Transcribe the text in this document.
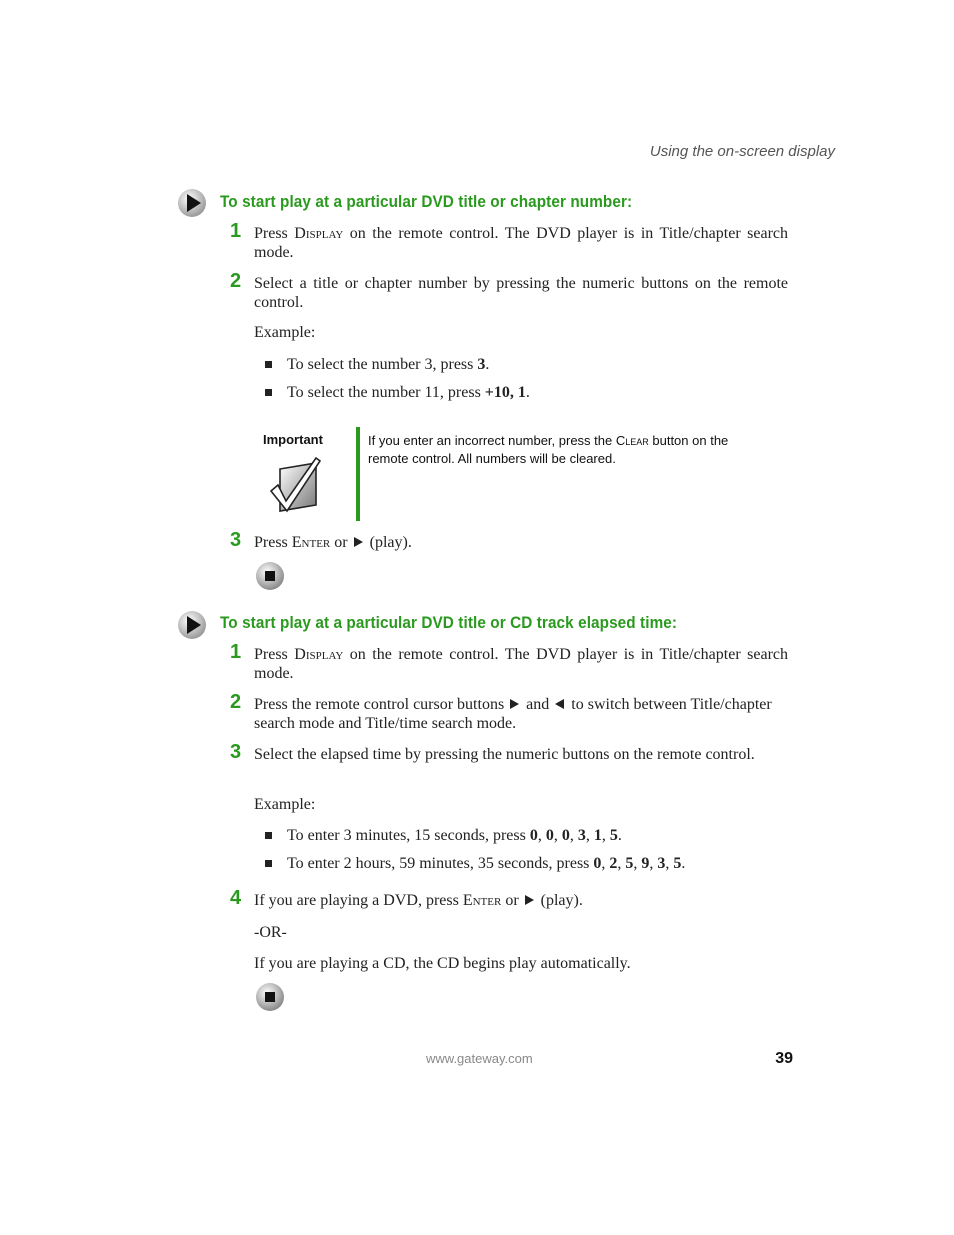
Using the on-screen display
To start play at a particular DVD title or chapter number:
1 Press Display on the remote control. The DVD player is in Title/chapter search mode.
2 Select a title or chapter number by pressing the numeric buttons on the remote control.
Example:
To select the number 3, press 3.
To select the number 11, press +10, 1.
Important	If you enter an incorrect number, press the Clear button on the remote control. All numbers will be cleared.
3 Press Enter or  (play).
To start play at a particular DVD title or CD track elapsed time:
1 Press Display on the remote control. The DVD player is in Title/chapter search mode.
2 Press the remote control cursor buttons  and  to switch between Title/chapter search mode and Title/time search mode.
3 Select the elapsed time by pressing the numeric buttons on the remote control.
Example:
To enter 3 minutes, 15 seconds, press 0, 0, 0, 3, 1, 5.
To enter 2 hours, 59 minutes, 35 seconds, press 0, 2, 5, 9, 3, 5.
4 If you are playing a DVD, press Enter or  (play).
-OR-
If you are playing a CD, the CD begins play automatically.
www.gateway.com	39
